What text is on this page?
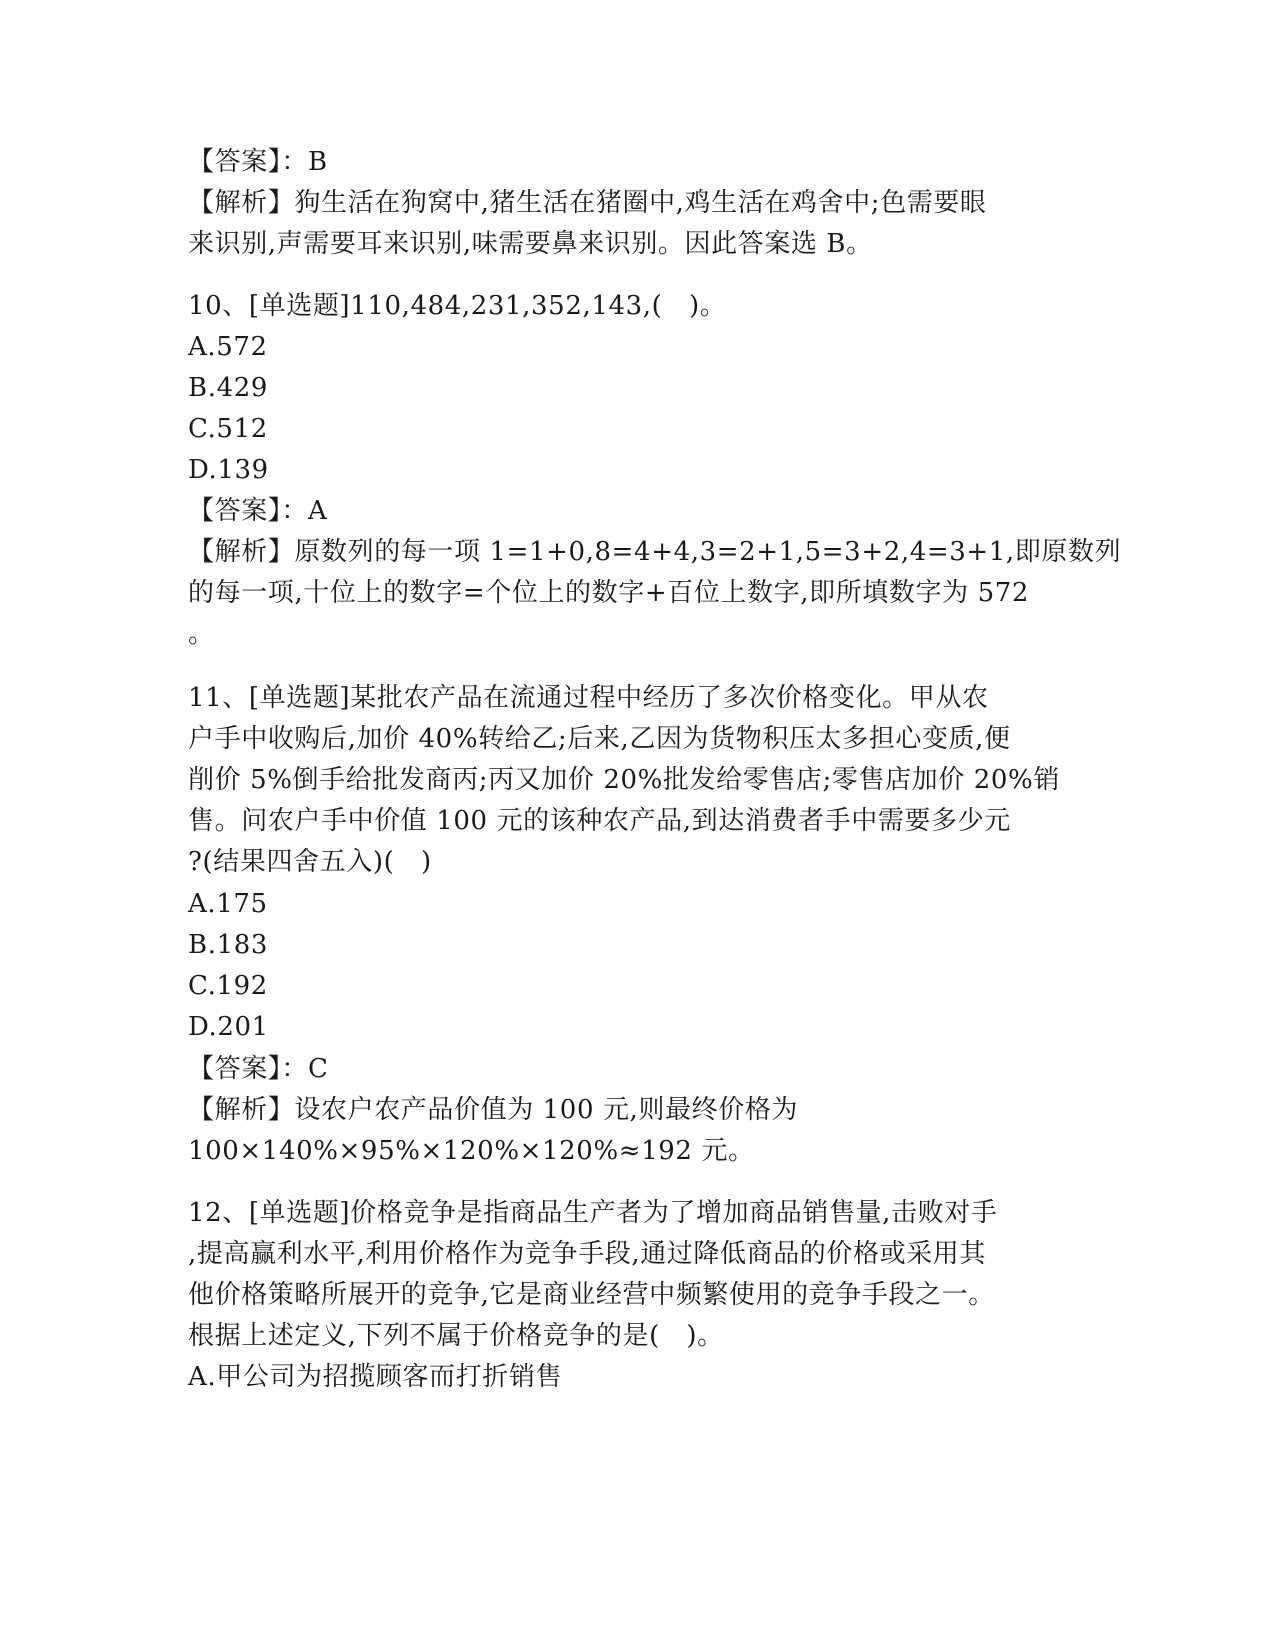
【答案】：B
【解析】狗生活在狗窝中,猪生活在猪圈中,鸡生活在鸡舍中;色需要眼
来识别,声需要耳来识别,味需要鼻来识别。因此答案选 B。
10、[单选题]110,484,231,352,143,(　)。
A.572
B.429
C.512
D.139
【答案】：A
【解析】原数列的每一项 1=1+0,8=4+4,3=2+1,5=3+2,4=3+1,即原数列
的每一项,十位上的数字=个位上的数字+百位上数字,即所填数字为 572
。
11、[单选题]某批农产品在流通过程中经历了多次价格变化。甲从农
户手中收购后,加价 40%转给乙;后来,乙因为货物积压太多担心变质,便
削价 5%倒手给批发商丙;丙又加价 20%批发给零售店;零售店加价 20%销
售。问农户手中价值 100 元的该种农产品,到达消费者手中需要多少元
?(结果四舍五入)(　)
A.175
B.183
C.192
D.201
【答案】：C
【解析】设农户农产品价值为 100 元,则最终价格为
100×140%×95%×120%×120%≈192 元。
12、[单选题]价格竞争是指商品生产者为了增加商品销售量,击败对手
,提高赢利水平,利用价格作为竞争手段,通过降低商品的价格或采用其
他价格策略所展开的竞争,它是商业经营中频繁使用的竞争手段之一。
根据上述定义,下列不属于价格竞争的是(　)。
A.甲公司为招揽顾客而打折销售
